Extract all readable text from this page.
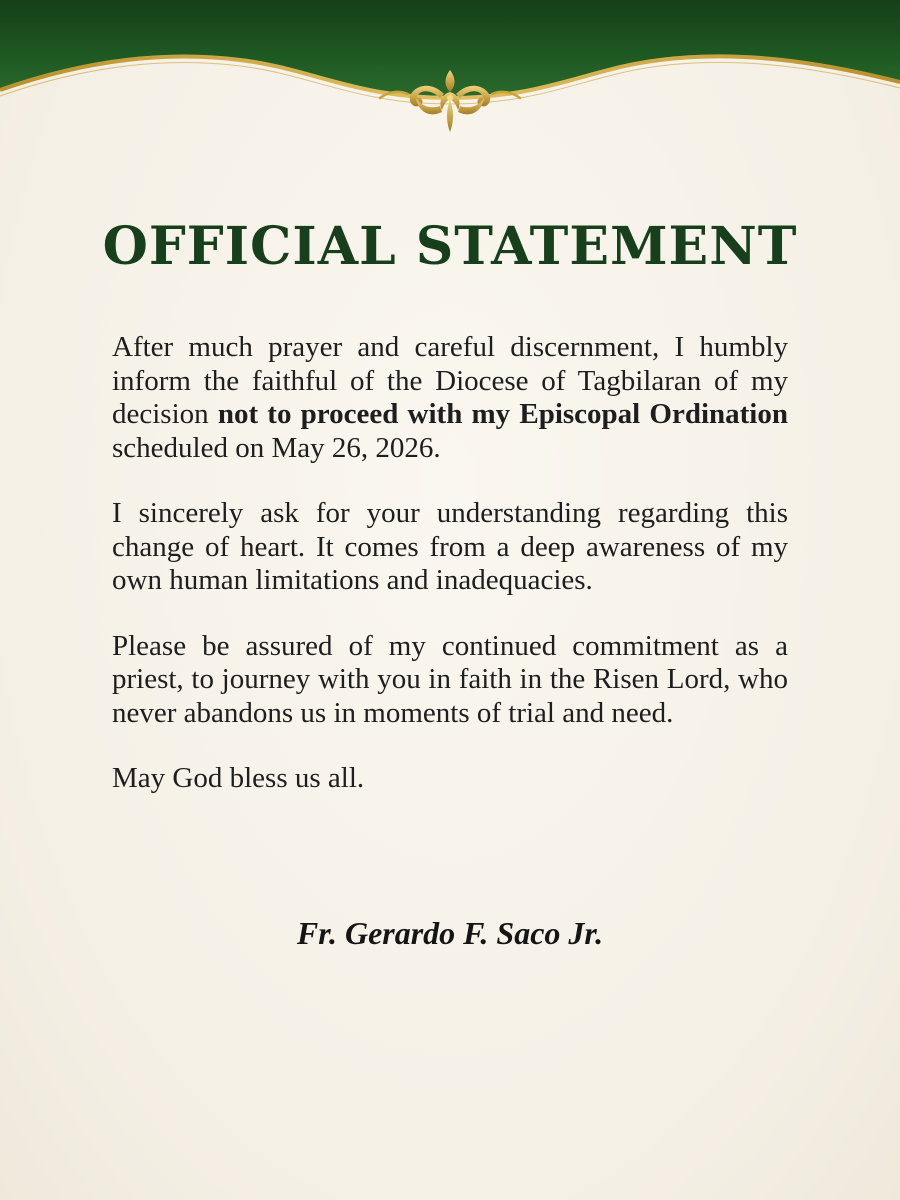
OFFICIAL STATEMENT

After much prayer and careful discernment, I humbly inform the faithful of the Diocese of Tagbilaran of my decision not to proceed with my Episcopal Ordination scheduled on May 26, 2026.

I sincerely ask for your understanding regarding this change of heart. It comes from a deep awareness of my own human limitations and inadequacies.

Please be assured of my continued commitment as a priest, to journey with you in faith in the Risen Lord, who never abandons us in moments of trial and need.

May God bless us all.

Fr. Gerardo F. Saco Jr.
